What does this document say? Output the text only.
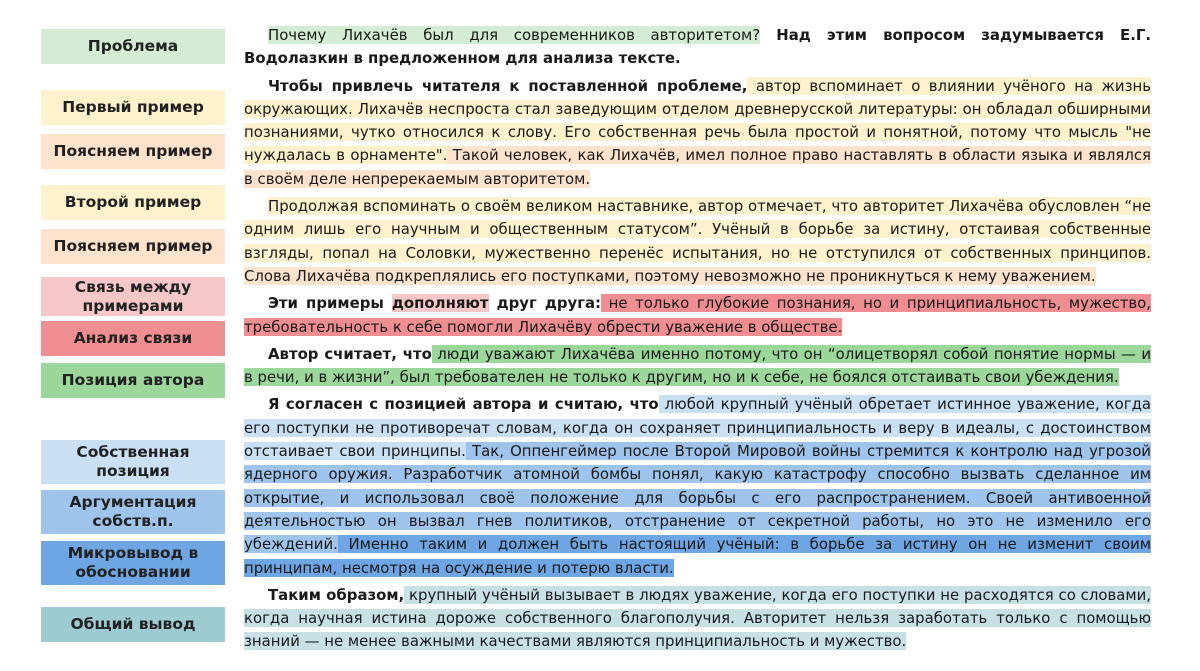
Проблема
Первый пример
Поясняем пример
Второй пример
Поясняем пример
Связь между примерами
Анализ связи
Позиция автора
Собственная позиция
Аргументация собств.п.
Микровывод в обосновании
Общий вывод

Почему Лихачёв был для современников авторитетом? Над этим вопросом задумывается Е.Г. Водолазкин в предложенном для анализа тексте.

Чтобы привлечь читателя к поставленной проблеме, автор вспоминает о влиянии учёного на жизнь окружающих. Лихачёв неспроста стал заведующим отделом древнерусской литературы: он обладал обширными познаниями, чутко относился к слову. Его собственная речь была простой и понятной, потому что мысль "не нуждалась в орнаменте". Такой человек, как Лихачёв, имел полное право наставлять в области языка и являлся в своём деле непререкаемым авторитетом.

Продолжая вспоминать о своём великом наставнике, автор отмечает, что авторитет Лихачёва обусловлен “не одним лишь его научным и общественным статусом”. Учёный в борьбе за истину, отстаивая собственные взгляды, попал на Соловки, мужественно перенёс испытания, но не отступился от собственных принципов. Слова Лихачёва подкреплялись его поступками, поэтому невозможно не проникнуться к нему уважением.

Эти примеры дополняют друг друга: не только глубокие познания, но и принципиальность, мужество, требовательность к себе помогли Лихачёву обрести уважение в обществе.

Автор считает, что люди уважают Лихачёва именно потому, что он “олицетворял собой понятие нормы — и в речи, и в жизни”, был требователен не только к другим, но и к себе, не боялся отстаивать свои убеждения.

Я согласен с позицией автора и считаю, что любой крупный учёный обретает истинное уважение, когда его поступки не противоречат словам, когда он сохраняет принципиальность и веру в идеалы, с достоинством отстаивает свои принципы. Так, Оппенгеймер после Второй Мировой войны стремится к контролю над угрозой ядерного оружия. Разработчик атомной бомбы понял, какую катастрофу способно вызвать сделанное им открытие, и использовал своё положение для борьбы с его распространением. Своей антивоенной деятельностью он вызвал гнев политиков, отстранение от секретной работы, но это не изменило его убеждений. Именно таким и должен быть настоящий учёный: в борьбе за истину он не изменит своим принципам, несмотря на осуждение и потерю власти.

Таким образом, крупный учёный вызывает в людях уважение, когда его поступки не расходятся со словами, когда научная истина дороже собственного благополучия. Авторитет нельзя заработать только с помощью знаний — не менее важными качествами являются принципиальность и мужество.
